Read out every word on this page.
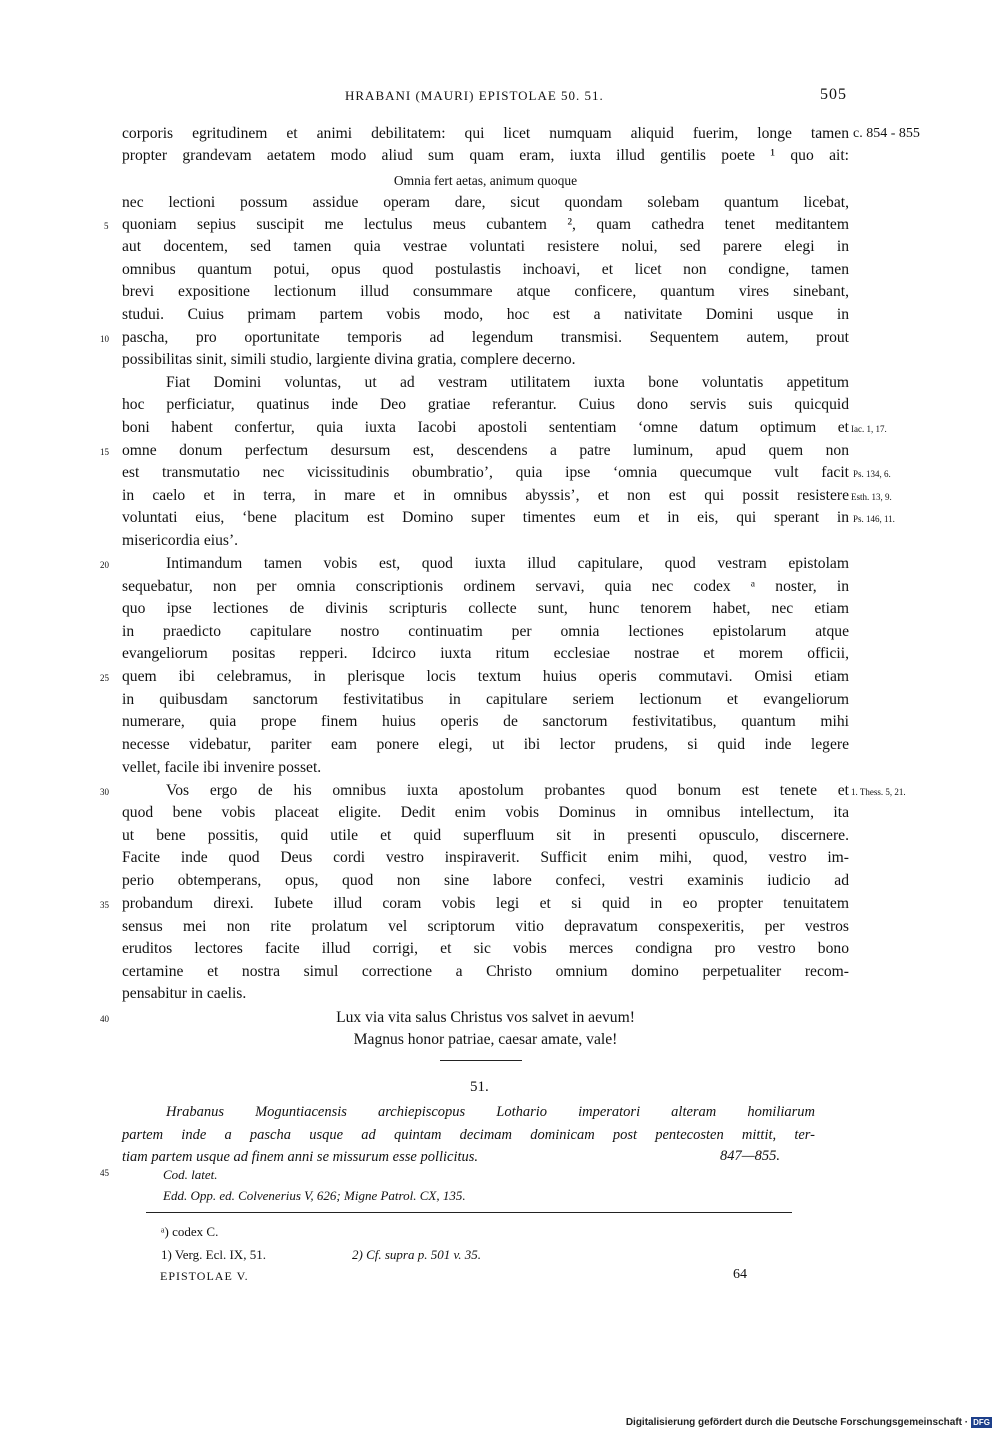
HRABANI (MAURI) EPISTOLAE 50. 51.	505
c. 854 - 855
corporis egritudinem et animi debilitatem: qui licet numquam aliquid fuerim, longe tamen
propter grandevam aetatem modo aliud sum quam eram, iuxta illud gentilis poete ¹ quo ait:
Omnia fert aetas, animum quoque
nec lectioni possum assidue operam dare, sicut quondam solebam quantum licebat,
quoniam sepius suscipit me lectulus meus cubantem ², quam cathedra tenet meditantem
aut docentem, sed tamen quia vestrae voluntati resistere nolui, sed parere elegi in
omnibus quantum potui, opus quod postulastis inchoavi, et licet non condigne, tamen
brevi expositione lectionum illud consummare atque conficere, quantum vires sinebant,
studui. Cuius primam partem vobis modo, hoc est a nativitate Domini usque in
pascha, pro oportunitate temporis ad legendum transmisi. Sequentem autem, prout
possibilitas sinit, simili studio, largiente divina gratia, complere decerno.
Fiat Domini voluntas, ut ad vestram utilitatem iuxta bone voluntatis appetitum
hoc perficiatur, quatinus inde Deo gratiae referantur. Cuius dono servis suis quicquid
boni habent confertur, quia iuxta Iacobi apostoli sententiam ‘omne datum optimum et
omne donum perfectum desursum est, descendens a patre luminum, apud quem non
est transmutatio nec vicissitudinis obumbratio’, quia ipse ‘omnia quecumque vult facit
in caelo et in terra, in mare et in omnibus abyssis’, et non est qui possit resistere
voluntati eius, ‘bene placitum est Domino super timentes eum et in eis, qui sperant in
misericordia eius’.
Intimandum tamen vobis est, quod iuxta illud capitulare, quod vestram epistolam
sequebatur, non per omnia conscriptionis ordinem servavi, quia nec codex ᵃ noster, in
quo ipse lectiones de divinis scripturis collecte sunt, hunc tenorem habet, nec etiam
in praedicto capitulare nostro continuatim per omnia lectiones epistolarum atque
evangeliorum positas repperi. Idcirco iuxta ritum ecclesiae nostrae et morem officii,
quem ibi celebramus, in plerisque locis textum huius operis commutavi. Omisi etiam
in quibusdam sanctorum festivitatibus in capitulare seriem lectionum et evangeliorum
numerare, quia prope finem huius operis de sanctorum festivitatibus, quantum mihi
necesse videbatur, pariter eam ponere elegi, ut ibi lector prudens, si quid inde legere
vellet, facile ibi invenire posset.
Vos ergo de his omnibus iuxta apostolum probantes quod bonum est tenete et
quod bene vobis placeat eligite. Dedit enim vobis Dominus in omnibus intellectum, ita
ut bene possitis, quid utile et quid superfluum sit in presenti opusculo, discernere.
Facite inde quod Deus cordi vestro inspiraverit. Sufficit enim mihi, quod, vestro im-
perio obtemperans, opus, quod non sine labore confeci, vestri examinis iudicio ad
probandum direxi. Iubete illud coram vobis legi et si quid in eo propter tenuitatem
sensus mei non rite prolatum vel scriptorum vitio depravatum conspexeritis, per vestros
eruditos lectores facite illud corrigi, et sic vobis merces condigna pro vestro bono
certamine et nostra simul correctione a Christo omnium domino perpetualiter recom-
pensabitur in caelis.
Lux via vita salus Christus vos salvet in aevum!
Magnus honor patriae, caesar amate, vale!
5
10
15
20
25
30
35
40
45
Iac. 1, 17.
Ps. 134, 6.
Esth. 13, 9.
Ps. 146, 11.
1. Thess. 5, 21.
51.
Hrabanus Moguntiacensis archiepiscopus Lothario imperatori alteram homiliarum
partem inde a pascha usque ad quintam decimam dominicam post pentecosten mittit, ter-
tiam partem usque ad finem anni se missurum esse pollicitus.	847—855.
Cod. latet.
Edd. Opp. ed. Colvenerius V, 626; Migne Patrol. CX, 135.
ᵃ) codex C.
1) Verg. Ecl. IX, 51.	2) Cf. supra p. 501 v. 35.
EPISTOLAE V.	64
Digitalisierung gefördert durch die Deutsche Forschungsgemeinschaft · DFG
